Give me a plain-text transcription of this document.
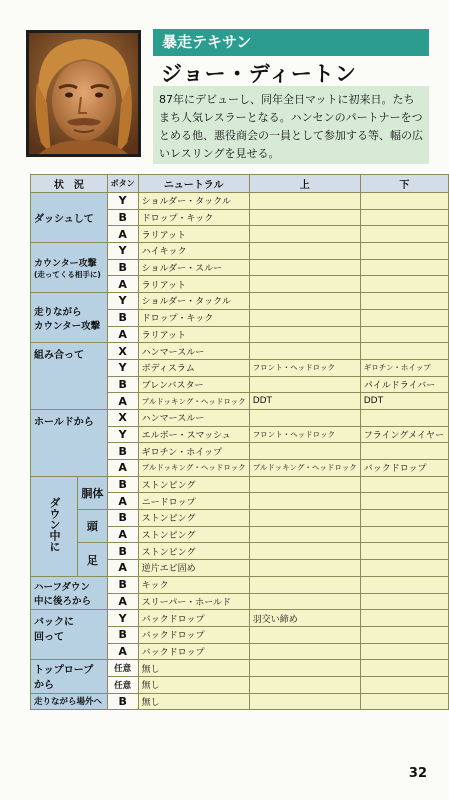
暴走テキサン
ジョー・ディートン
87年にデビューし、同年全日マットに初来日。たちまち人気レスラーとなる。ハンセンのパートナーをつとめる他、悪役商会の一員として参加する等、幅の広いレスリングを見せる。
状　況		ボタン	ニュートラル	上	下
ダッシュして		Y	ショルダー・タックル		
		B	ドロップ・キック		
		A	ラリアット		

カウンター攻撃
(走ってくる相手に)		Y	ハイキック		
		B	ショルダー・スルー		
		A	ラリアット		

走りながら
カウンター攻撃		Y	ショルダー・タックル		
		B	ドロップ・キック		
		A	ラリアット		
組み合って		X	ハンマースルー		
		Y	ボディスラム	フロント・ヘッドロック	ギロチン・ホイップ
		B	ブレンバスター		パイルドライバー
		A	ブルドッキング・ヘッドロック	DDT	DDT
ホールドから		X	ハンマースルー		
		Y	エルボー・スマッシュ	フロント・ヘッドロック	フライングメイヤー
		B	ギロチン・ホイップ		
		A	ブルドッキング・ヘッドロック	ブルドッキング・ヘッドロック	バックドロップ
ダウン中に	胴体	B	ストンピング		
		A	ニードロップ		
	頭	B	ストンピング		
		A	ストンピング		
	足	B	ストンピング		
		A	逆片エビ固め		

ハーフダウン
中に後ろから		B	キック		
		A	スリーパー・ホールド		

バックに
回って		Y	バックドロップ	羽交い締め	
		B	バックドロップ		
		A	バックドロップ		

トップロープ
から		任意	無し		
		任意	無し		
走りながら場外へ		B	無し		
32
